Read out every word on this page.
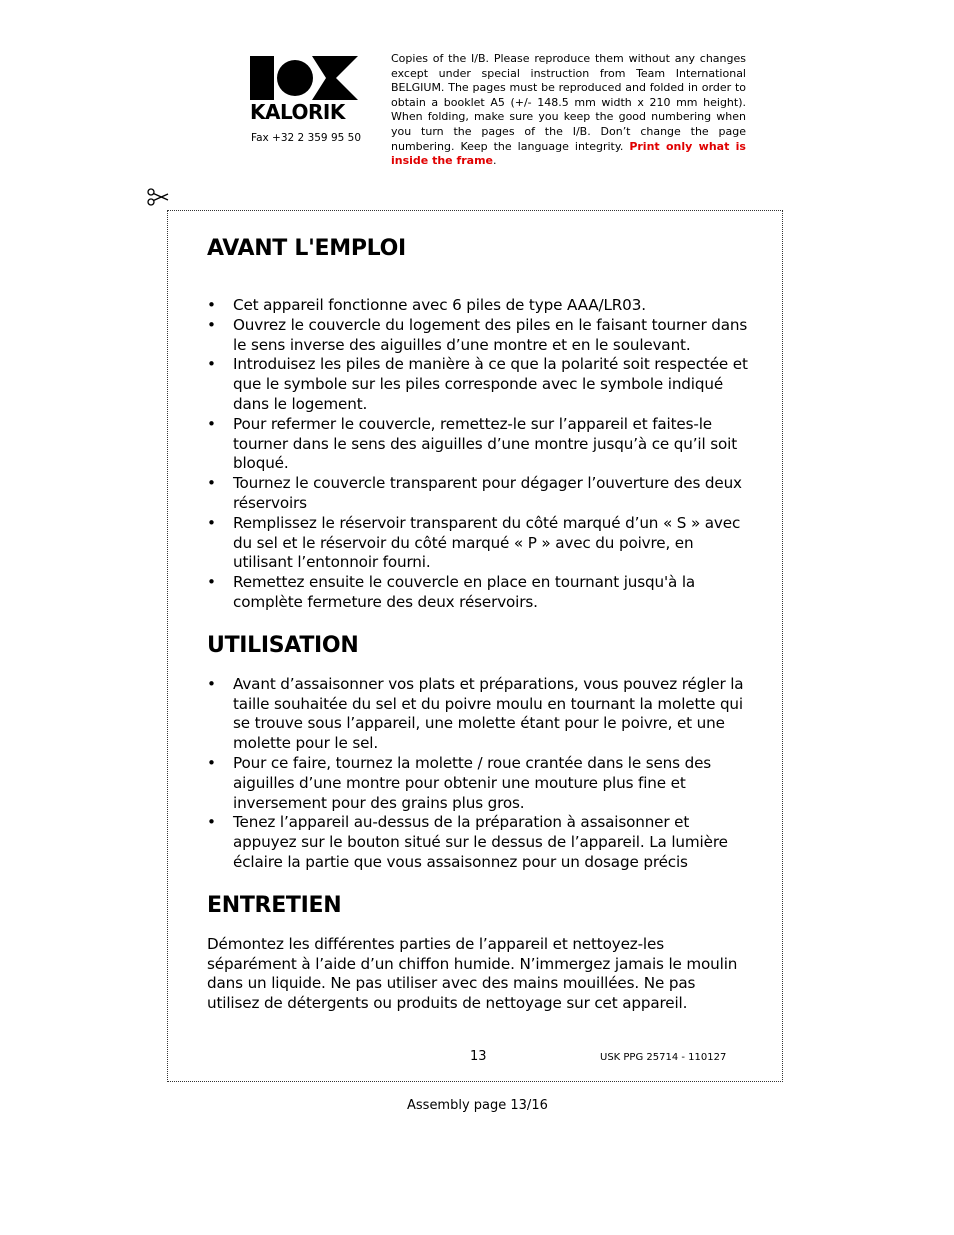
KALORIK
Fax +32 2 359 95 50
Copies of the I/B. Please reproduce them without any changes except under special instruction from Team International BELGIUM. The pages must be reproduced and folded in order to obtain a booklet A5 (+/- 148.5 mm width x 210 mm height). When folding, make sure you keep the good numbering when you turn the pages of the I/B. Don’t change the page numbering. Keep the language integrity. Print only what is inside the frame.
AVANT L'EMPLOI
• Cet appareil fonctionne avec 6 piles de type AAA/LR03.
• Ouvrez le couvercle du logement des piles en le faisant tourner dans le sens inverse des aiguilles d’une montre et en le soulevant.
• Introduisez les piles de manière à ce que la polarité soit respectée et que le symbole sur les piles corresponde avec le symbole indiqué dans le logement.
• Pour refermer le couvercle, remettez-le sur l’appareil et faites-le tourner dans le sens des aiguilles d’une montre jusqu’à ce qu’il soit bloqué.
• Tournez le couvercle transparent pour dégager l’ouverture des deux réservoirs
• Remplissez le réservoir transparent du côté marqué d’un « S » avec du sel et le réservoir du côté marqué « P » avec du poivre, en utilisant l’entonnoir fourni.
• Remettez ensuite le couvercle en place en tournant jusqu'à la complète fermeture des deux réservoirs.
UTILISATION
• Avant d’assaisonner vos plats et préparations, vous pouvez régler la taille souhaitée du sel et du poivre moulu en tournant la molette qui se trouve sous l’appareil, une molette étant pour le poivre, et une molette pour le sel.
• Pour ce faire, tournez la molette / roue crantée dans le sens des aiguilles d’une montre pour obtenir une mouture plus fine et inversement pour des grains plus gros.
• Tenez l’appareil au-dessus de la préparation à assaisonner et appuyez sur le bouton situé sur le dessus de l’appareil. La lumière éclaire la partie que vous assaisonnez pour un dosage précis
ENTRETIEN

Démontez les différentes parties de l’appareil et nettoyez-les séparément à l’aide d’un chiffon humide. N’immergez jamais le moulin dans un liquide. Ne pas utiliser avec des mains mouillées. Ne pas utilisez de détergents ou produits de nettoyage sur cet appareil.

13	USK PPG 25714 - 110127
Assembly page 13/16
